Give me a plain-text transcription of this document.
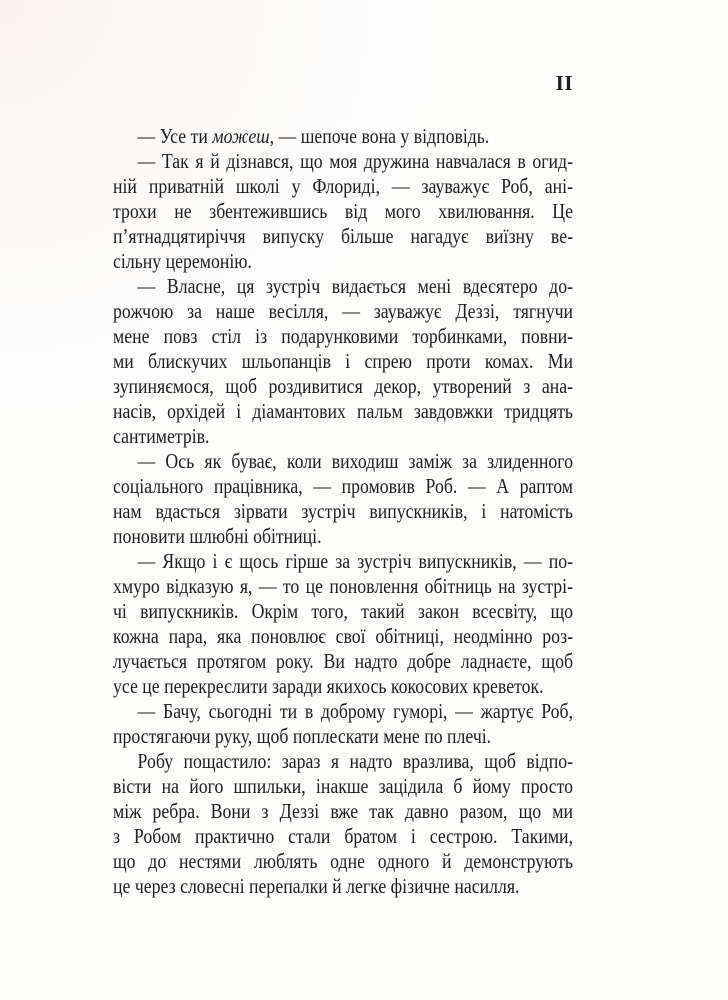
II
— Усе ти можеш, — шепоче вона у відповідь.
— Так я й дізнався, що моя дружина навчалася в огид-
ній приватній школі у Флориді, — зауважує Роб, ані-
трохи не збентежившись від мого хвилювання. Це
п’ятнадцятиріччя випуску більше нагадує виїзну ве-
сільну церемонію.
— Власне, ця зустріч видається мені вдесятеро до-
рожчою за наше весілля, — зауважує Деззі, тягнучи
мене повз стіл із подарунковими торбинками, повни-
ми блискучих шльопанців і спрею проти комах. Ми
зупиняємося, щоб роздивитися декор, утворений з ана-
насів, орхідей і діамантових пальм завдовжки тридцять
сантиметрів.
— Ось як буває, коли виходиш заміж за злиденного
соціального працівника, — промовив Роб. — А раптом
нам вдасться зірвати зустріч випускників, і натомість
поновити шлюбні обітниці.
— Якщо і є щось гірше за зустріч випускників, — по-
хмуро відказую я, — то це поновлення обітниць на зустрі-
чі випускників. Окрім того, такий закон всесвіту, що
кожна пара, яка поновлює свої обітниці, неодмінно роз-
лучається протягом року. Ви надто добре ладнаєте, щоб
усе це перекреслити заради якихось кокосових креветок.
— Бачу, сьогодні ти в доброму гуморі, — жартує Роб,
простягаючи руку, щоб поплескати мене по плечі.
Робу пощастило: зараз я надто вразлива, щоб відпо-
вісти на його шпильки, інакше зацідила б йому просто
між ребра. Вони з Деззі вже так давно разом, що ми
з Робом практично стали братом і сестрою. Такими,
що до нестями люблять одне одного й демонструють
це через словесні перепалки й легке фізичне насилля.
